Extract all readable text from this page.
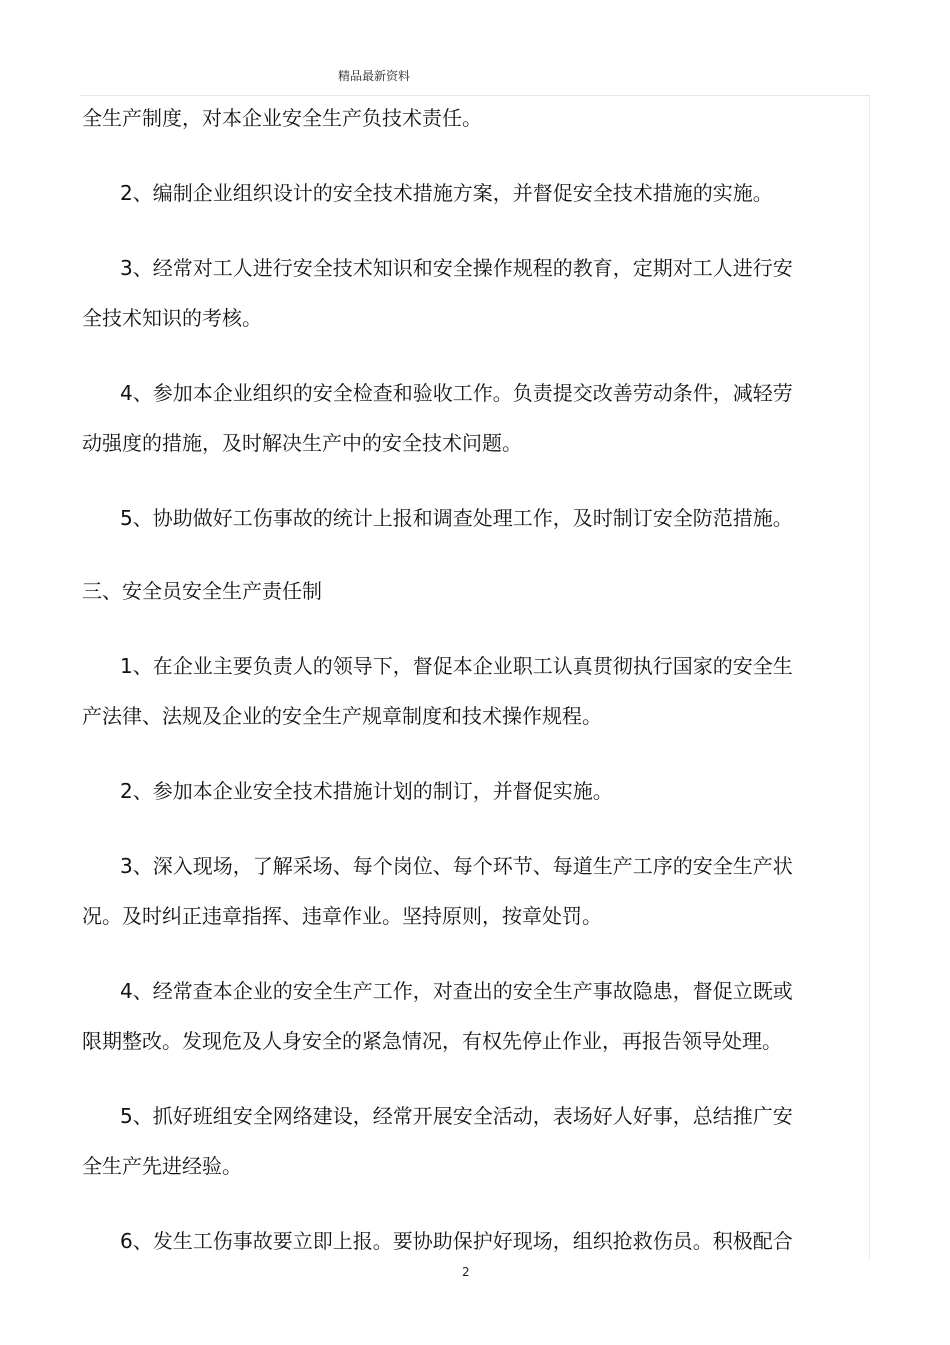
精品最新资料
全生产制度，对本企业安全生产负技术责任。
2、编制企业组织设计的安全技术措施方案，并督促安全技术措施的实施。
3、经常对工人进行安全技术知识和安全操作规程的教育，定期对工人进行安
全技术知识的考核。
4、参加本企业组织的安全检查和验收工作。负责提交改善劳动条件，减轻劳
动强度的措施，及时解决生产中的安全技术问题。
5、协助做好工伤事故的统计上报和调查处理工作，及时制订安全防范措施。
三、安全员安全生产责任制
1、在企业主要负责人的领导下，督促本企业职工认真贯彻执行国家的安全生
产法律、法规及企业的安全生产规章制度和技术操作规程。
2、参加本企业安全技术措施计划的制订，并督促实施。
3、深入现场，了解采场、每个岗位、每个环节、每道生产工序的安全生产状
况。及时纠正违章指挥、违章作业。坚持原则，按章处罚。
4、经常查本企业的安全生产工作，对查出的安全生产事故隐患，督促立既或
限期整改。发现危及人身安全的紧急情况，有权先停止作业，再报告领导处理。
5、抓好班组安全网络建设，经常开展安全活动，表场好人好事，总结推广安
全生产先进经验。
6、发生工伤事故要立即上报。要协助保护好现场，组织抢救伤员。积极配合
2
